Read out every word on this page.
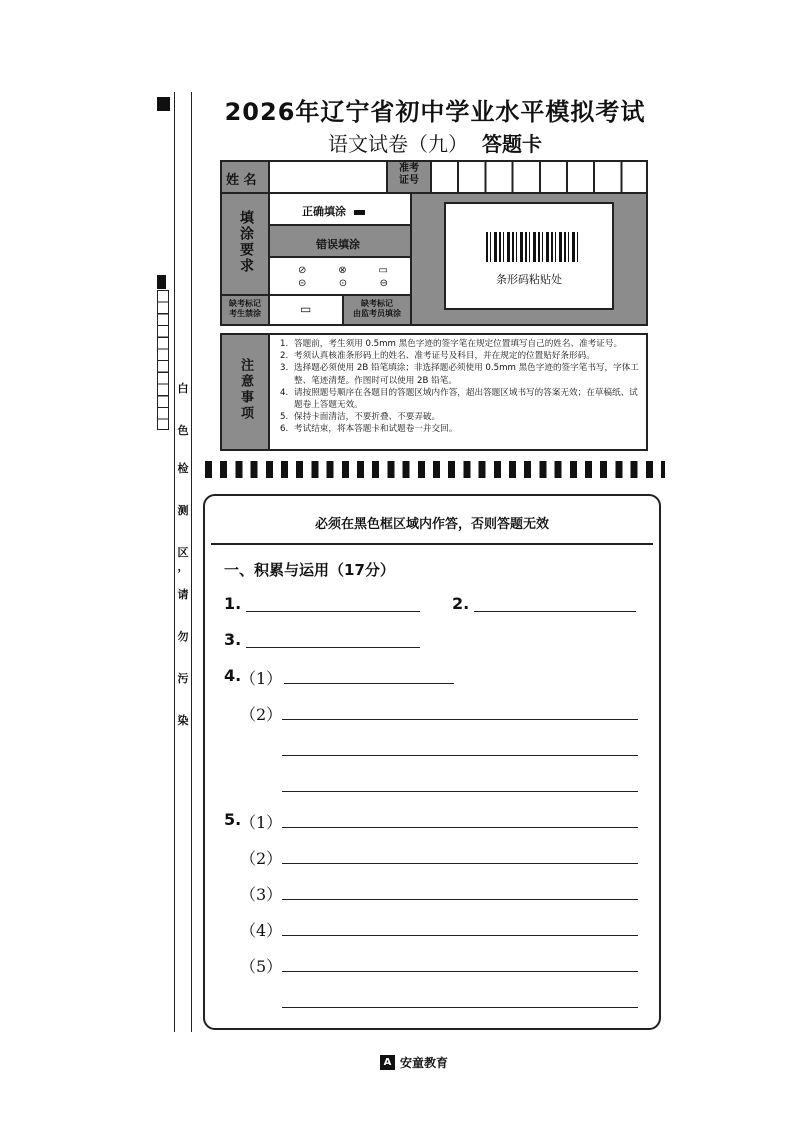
白
色
检
测
区
，
请
勿
污
染
2026年辽宁省初中学业水平模拟考试
语文试卷（九） 答题卡
姓 名
准考
证号
填涂要求	正确填涂
错误填涂
⊘	⊗	▭
⊝	⊙	⊖
缺考标记
考生禁涂	▭	缺考标记
由监考员填涂
条形码粘贴处
注意事项
1. 答题前，考生须用 0.5mm 黑色字迹的签字笔在规定位置填写自己的姓名、准考证号。
2. 考须认真核准条形码上的姓名、准考证号及科目，并在规定的位置贴好条形码。
3. 选择题必须使用 2B 铅笔填涂；非选择题必须使用 0.5mm 黑色字迹的签字笔书写，字体工整、笔迹清楚。作图时可以使用 2B 铅笔。
4. 请按照题号顺序在各题目的答题区域内作答，超出答题区域书写的答案无效；在草稿纸、试题卷上答题无效。
5. 保持卡面清洁，不要折叠、不要弄破。
6. 考试结束，将本答题卡和试题卷一并交回。
必须在黑色框区域内作答，否则答题无效
一、积累与运用（17分）
1.	2.
3.
4.
（1）
（2）
5.
（1）
（2）
（3）
（4）
（5）
A 安童教育
